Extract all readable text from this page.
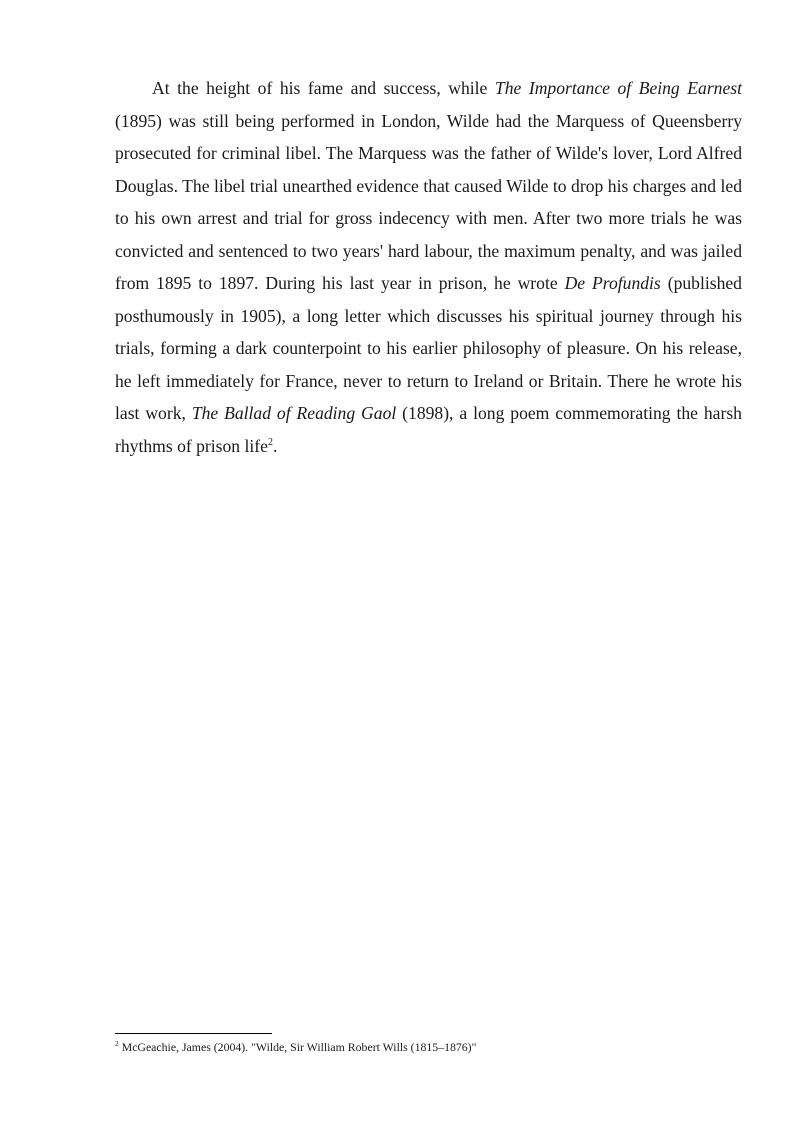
At the height of his fame and success, while The Importance of Being Earnest (1895) was still being performed in London, Wilde had the Marquess of Queensberry prosecuted for criminal libel. The Marquess was the father of Wilde's lover, Lord Alfred Douglas. The libel trial unearthed evidence that caused Wilde to drop his charges and led to his own arrest and trial for gross indecency with men. After two more trials he was convicted and sentenced to two years' hard labour, the maximum penalty, and was jailed from 1895 to 1897. During his last year in prison, he wrote De Profundis (published posthumously in 1905), a long letter which discusses his spiritual journey through his trials, forming a dark counterpoint to his earlier philosophy of pleasure. On his release, he left immediately for France, never to return to Ireland or Britain. There he wrote his last work, The Ballad of Reading Gaol (1898), a long poem commemorating the harsh rhythms of prison life$^2$.

$^2$ McGeachie, James (2004). "Wilde, Sir William Robert Wills (1815–1876)"
